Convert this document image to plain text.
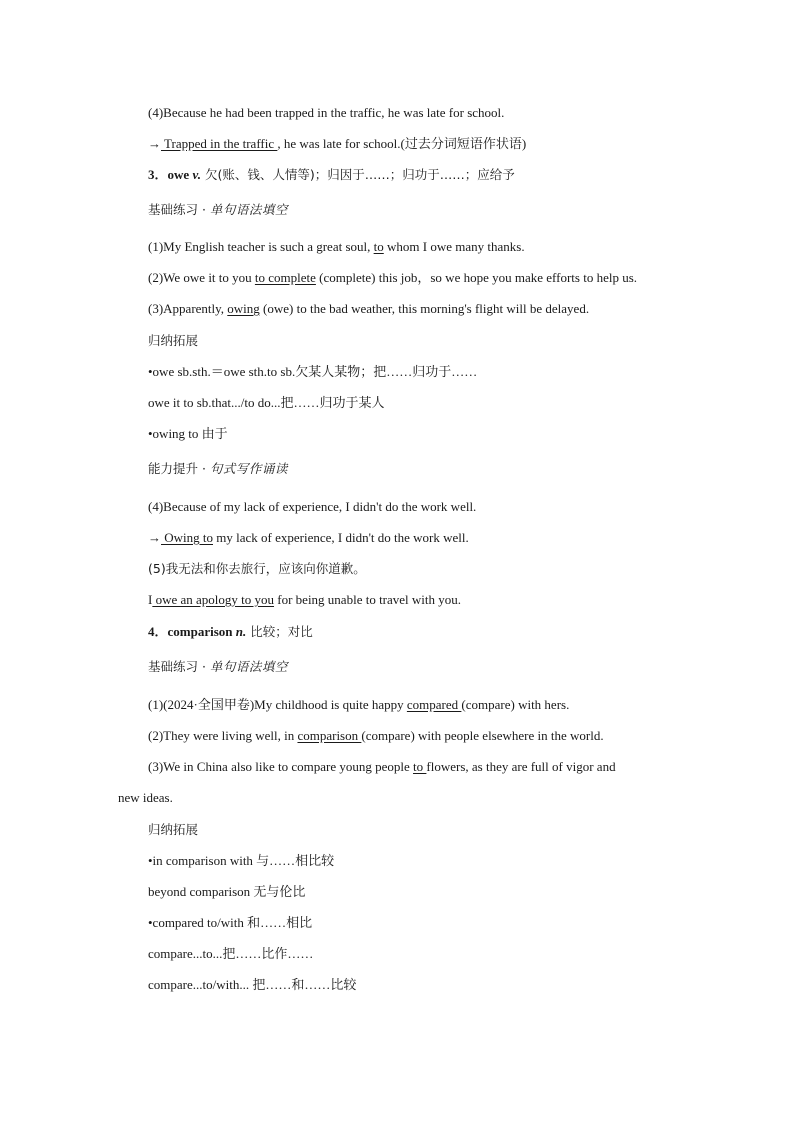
(4)Because he had been trapped in the traffic, he was late for school.
→ Trapped in the traffic , he was late for school.(过去分词短语作状语)
3．owe v. 欠(账、钱、人情等)；归因于……；归功于……；应给予
基础练习 · 单句语法填空
(1)My English teacher is such a great soul, to whom I owe many thanks.
(2)We owe it to you to complete (complete) this job，so we hope you make efforts to help us.
(3)Apparently, owing (owe) to the bad weather, this morning's flight will be delayed.
归纳拓展
•owe sb.sth.＝owe sth.to sb.欠某人某物；把……归功于……
owe it to sb.that.../to do...把……归功于某人
•owing to 由于
能力提升 · 句式写作诵读
(4)Because of my lack of experience, I didn't do the work well.
→ Owing to my lack of experience, I didn't do the work well.
(5)我无法和你去旅行，应该向你道歉。
I owe an apology to you for being unable to travel with you.
4．comparison n. 比较；对比
基础练习 · 单句语法填空
(1)(2024·全国甲卷)My childhood is quite happy compared (compare) with hers.
(2)They were living well, in comparison (compare) with people elsewhere in the world.
(3)We in China also like to compare young people to flowers, as they are full of vigor and
new ideas.
归纳拓展
•in comparison with 与……相比较
beyond comparison 无与伦比
•compared to/with 和……相比
compare...to...把……比作……
compare...to/with... 把……和……比较
